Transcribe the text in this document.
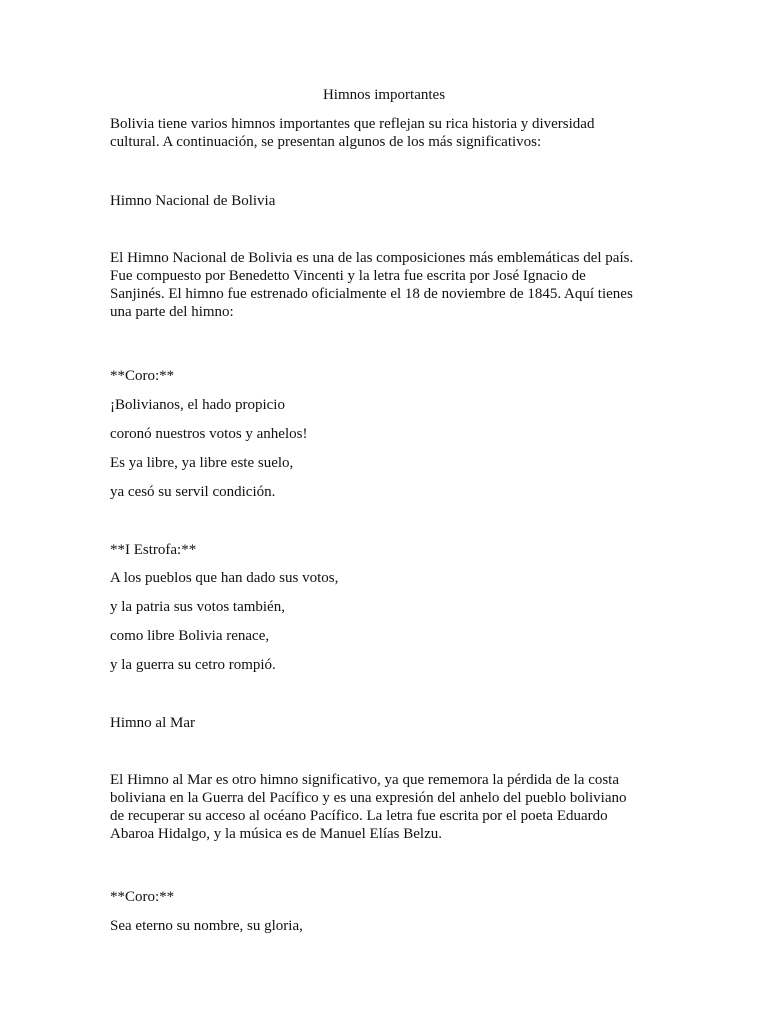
Himnos importantes
Bolivia tiene varios himnos importantes que reflejan su rica historia y diversidad
cultural. A continuación, se presentan algunos de los más significativos:
Himno Nacional de Bolivia
El Himno Nacional de Bolivia es una de las composiciones más emblemáticas del país.
Fue compuesto por Benedetto Vincenti y la letra fue escrita por José Ignacio de
Sanjinés. El himno fue estrenado oficialmente el 18 de noviembre de 1845. Aquí tienes
una parte del himno:
**Coro:**
¡Bolivianos, el hado propicio
coronó nuestros votos y anhelos!
Es ya libre, ya libre este suelo,
ya cesó su servil condición.
**I Estrofa:**
A los pueblos que han dado sus votos,
y la patria sus votos también,
como libre Bolivia renace,
y la guerra su cetro rompió.
Himno al Mar
El Himno al Mar es otro himno significativo, ya que rememora la pérdida de la costa
boliviana en la Guerra del Pacífico y es una expresión del anhelo del pueblo boliviano
de recuperar su acceso al océano Pacífico. La letra fue escrita por el poeta Eduardo
Abaroa Hidalgo, y la música es de Manuel Elías Belzu.
**Coro:**
Sea eterno su nombre, su gloria,
